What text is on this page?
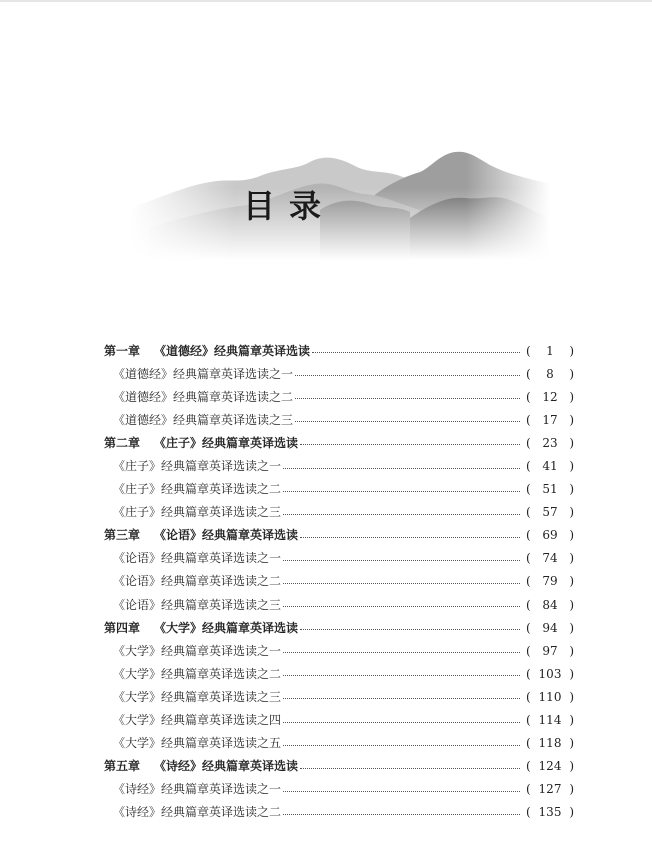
目录
第一章 《道德经》经典篇章英译选读	(	1	)
《道德经》经典篇章英译选读之一	(	8	)
《道德经》经典篇章英译选读之二	( 12 )
《道德经》经典篇章英译选读之三	( 17 )
第二章 《庄子》经典篇章英译选读	( 23 )
《庄子》经典篇章英译选读之一	( 41 )
《庄子》经典篇章英译选读之二	( 51 )
《庄子》经典篇章英译选读之三	( 57 )
第三章 《论语》经典篇章英译选读	( 69 )
《论语》经典篇章英译选读之一	( 74 )
《论语》经典篇章英译选读之二	( 79 )
《论语》经典篇章英译选读之三	( 84 )
第四章 《大学》经典篇章英译选读	( 94 )
《大学》经典篇章英译选读之一	( 97 )
《大学》经典篇章英译选读之二	( 103 )
《大学》经典篇章英译选读之三	( 110 )
《大学》经典篇章英译选读之四	( 114 )
《大学》经典篇章英译选读之五	( 118 )
第五章 《诗经》经典篇章英译选读	( 124 )
《诗经》经典篇章英译选读之一	( 127 )
《诗经》经典篇章英译选读之二	( 135 )
